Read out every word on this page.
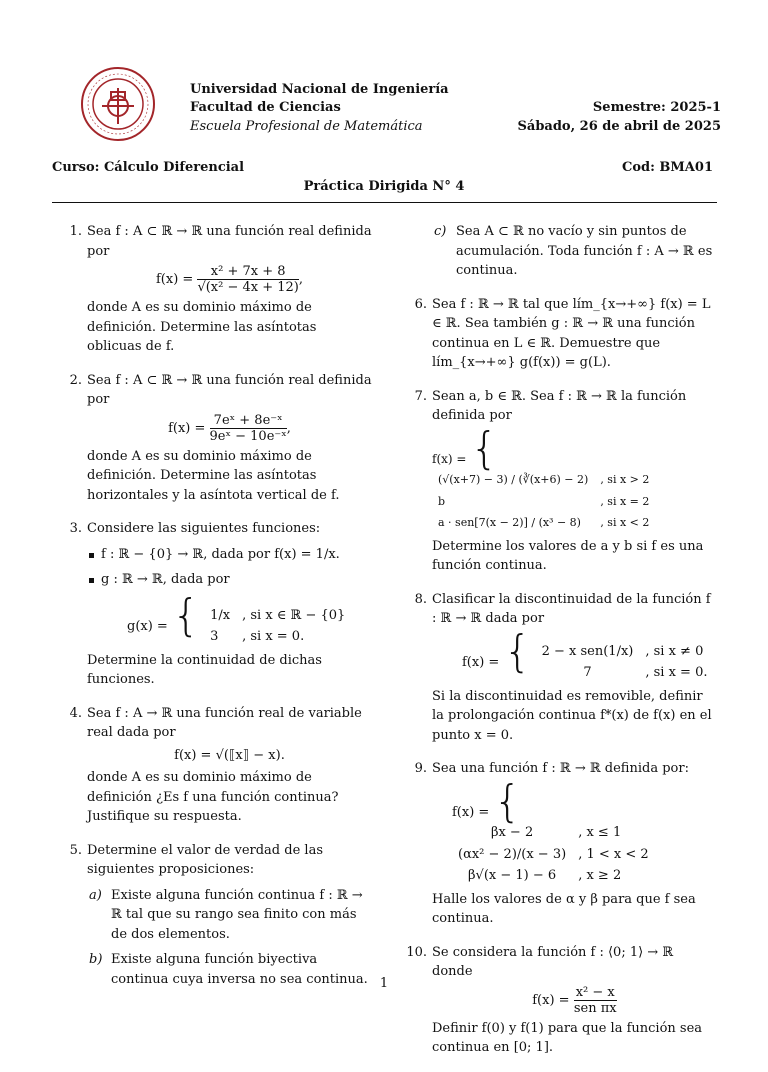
Universidad Nacional de Ingeniería
Facultad de Ciencias
Escuela Profesional de Matemática
Semestre: 2025-1
Sábado, 26 de abril de 2025
Curso: Cálculo Diferencial	Cod: BMA01
Práctica Dirigida N° 4
1. Sea f : A ⊂ ℝ → ℝ una función real definida por
$f(x) = \frac{\text{x² + 7x + 8}}{\text{√(x² − 4x + 12)}}$ ,
donde A es su dominio máximo de definición. Determine las asíntotas oblicuas de f.
2. Sea f : A ⊂ ℝ → ℝ una función real definida por
$f(x) = \frac{\text{7eˣ + 8e⁻ˣ}}{\text{9eˣ − 10e⁻ˣ}}$ ,
donde A es su dominio máximo de definición. Determine las asíntotas horizontales y la asíntota vertical de f.
3. Considere las siguientes funciones:
f : ℝ − {0} → ℝ, dada por f(x) = 1/x.
g : ℝ → ℝ, dada por
g(x) = { 1/x	, si x ∈ ℝ − {0}
3	, si x = 0.
Determine la continuidad de dichas funciones.
4. Sea f : A → ℝ una función real de variable real dada por
f(x) = √(⟦x⟧ − x).
donde A es su dominio máximo de definición ¿Es f una función continua? Justifique su respuesta.
5. Determine el valor de verdad de las siguientes proposiciones:
a) Existe alguna función continua f : ℝ → ℝ tal que su rango sea finito con más de dos elementos.
b) Existe alguna función biyectiva continua cuya inversa no sea continua.
c) Sea A ⊂ ℝ no vacío y sin puntos de acumulación. Toda función f : A → ℝ es continua.
6. Sea f : ℝ → ℝ tal que lím_{x→+∞} f(x) = L ∈ ℝ. Sea también g : ℝ → ℝ una función continua en L ∈ ℝ. Demuestre que lím_{x→+∞} g(f(x)) = g(L).
7. Sean a, b ∈ ℝ. Sea f : ℝ → ℝ la función definida por
f(x) = { (√(x+7) − 3) / (∛(x+6) − 2)	, si x > 2
b	, si x = 2
a · sen[7(x − 2)] / (x³ − 8)	, si x < 2
Determine los valores de a y b si f es una función continua.
8. Clasificar la discontinuidad de la función f : ℝ → ℝ dada por
f(x) = { 2 − x sen(1/x)	, si x ≠ 0
7	, si x = 0.
Si la discontinuidad es removible, definir la prolongación continua f*(x) de f(x) en el punto x = 0.
9. Sea una función f : ℝ → ℝ definida por:
f(x) = { βx − 2	, x ≤ 1
(αx² − 2)/(x − 3)	, 1 < x < 2
β√(x − 1) − 6	, x ≥ 2
Halle los valores de α y β para que f sea continua.
10. Se considera la función f : ⟨0; 1⟩ → ℝ donde
$f(x) = \frac{\text{x² − x}}{\text{sen πx}}$
Definir f(0) y f(1) para que la función sea continua en [0; 1].
1
